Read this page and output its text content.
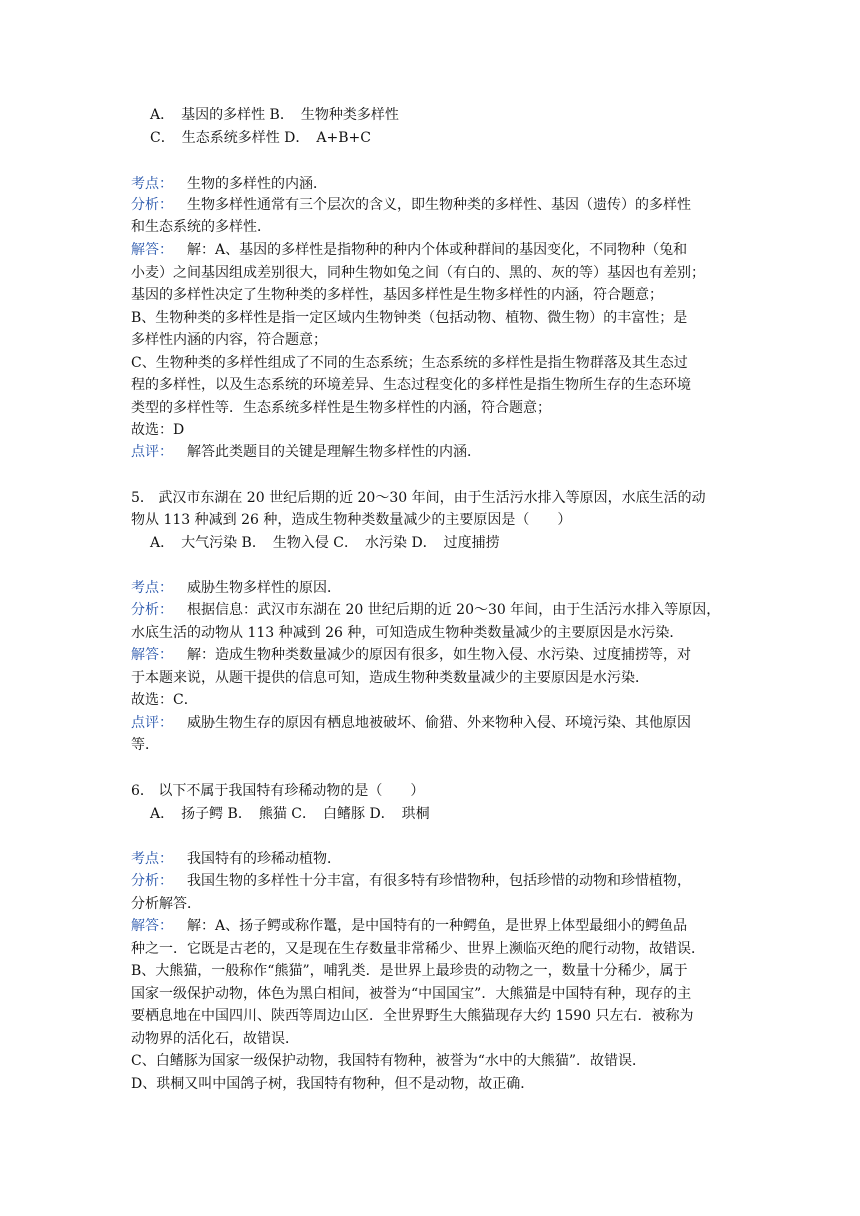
A．　基因的多样性 B．　生物种类多样性
C．　生态系统多样性 D．　A+B+C
考点： 生物的多样性的内涵．
分析： 生物多样性通常有三个层次的含义，即生物种类的多样性、基因（遗传）的多样性
和生态系统的多样性．
解答： 解：A、基因的多样性是指物种的种内个体或种群间的基因变化，不同物种（兔和
小麦）之间基因组成差别很大，同种生物如兔之间（有白的、黑的、灰的等）基因也有差别；
基因的多样性决定了生物种类的多样性，基因多样性是生物多样性的内涵，符合题意；
B、生物种类的多样性是指一定区域内生物钟类（包括动物、植物、微生物）的丰富性；是
多样性内涵的内容，符合题意；
C、生物种类的多样性组成了不同的生态系统；生态系统的多样性是指生物群落及其生态过
程的多样性，以及生态系统的环境差异、生态过程变化的多样性是指生物所生存的生态环境
类型的多样性等．生态系统多样性是生物多样性的内涵，符合题意；
故选：D
点评： 解答此类题目的关键是理解生物多样性的内涵．
5． 武汉市东湖在 20 世纪后期的近 20～30 年间，由于生活污水排入等原因，水底生活的动
物从 113 种减到 26 种，造成生物种类数量减少的主要原因是（　　）
A．　大气污染 B．　生物入侵 C．　水污染 D．　过度捕捞
考点： 威胁生物多样性的原因．
分析： 根据信息：武汉市东湖在 20 世纪后期的近 20～30 年间，由于生活污水排入等原因，
水底生活的动物从 113 种减到 26 种，可知造成生物种类数量减少的主要原因是水污染．
解答： 解：造成生物种类数量减少的原因有很多，如生物入侵、水污染、过度捕捞等，对
于本题来说，从题干提供的信息可知，造成生物种类数量减少的主要原因是水污染．
故选：C．
点评： 威胁生物生存的原因有栖息地被破坏、偷猎、外来物种入侵、环境污染、其他原因
等．
6． 以下不属于我国特有珍稀动物的是（　　）
A．　扬子鳄 B．　熊猫 C．　白鳍豚 D．　珙桐
考点： 我国特有的珍稀动植物．
分析： 我国生物的多样性十分丰富，有很多特有珍惜物种，包括珍惜的动物和珍惜植物，
分析解答．
解答： 解：A、扬子鳄或称作鼍，是中国特有的一种鳄鱼，是世界上体型最细小的鳄鱼品
种之一．它既是古老的，又是现在生存数量非常稀少、世界上濒临灭绝的爬行动物，故错误．
B、大熊猫，一般称作“熊猫”，哺乳类．是世界上最珍贵的动物之一，数量十分稀少，属于
国家一级保护动物，体色为黑白相间，被誉为“中国国宝”．大熊猫是中国特有种，现存的主
要栖息地在中国四川、陕西等周边山区．全世界野生大熊猫现存大约 1590 只左右．被称为
动物界的活化石，故错误．
C、白鳍豚为国家一级保护动物，我国特有物种，被誉为“水中的大熊猫”．故错误．
D、珙桐又叫中国鸽子树，我国特有物种，但不是动物，故正确．
